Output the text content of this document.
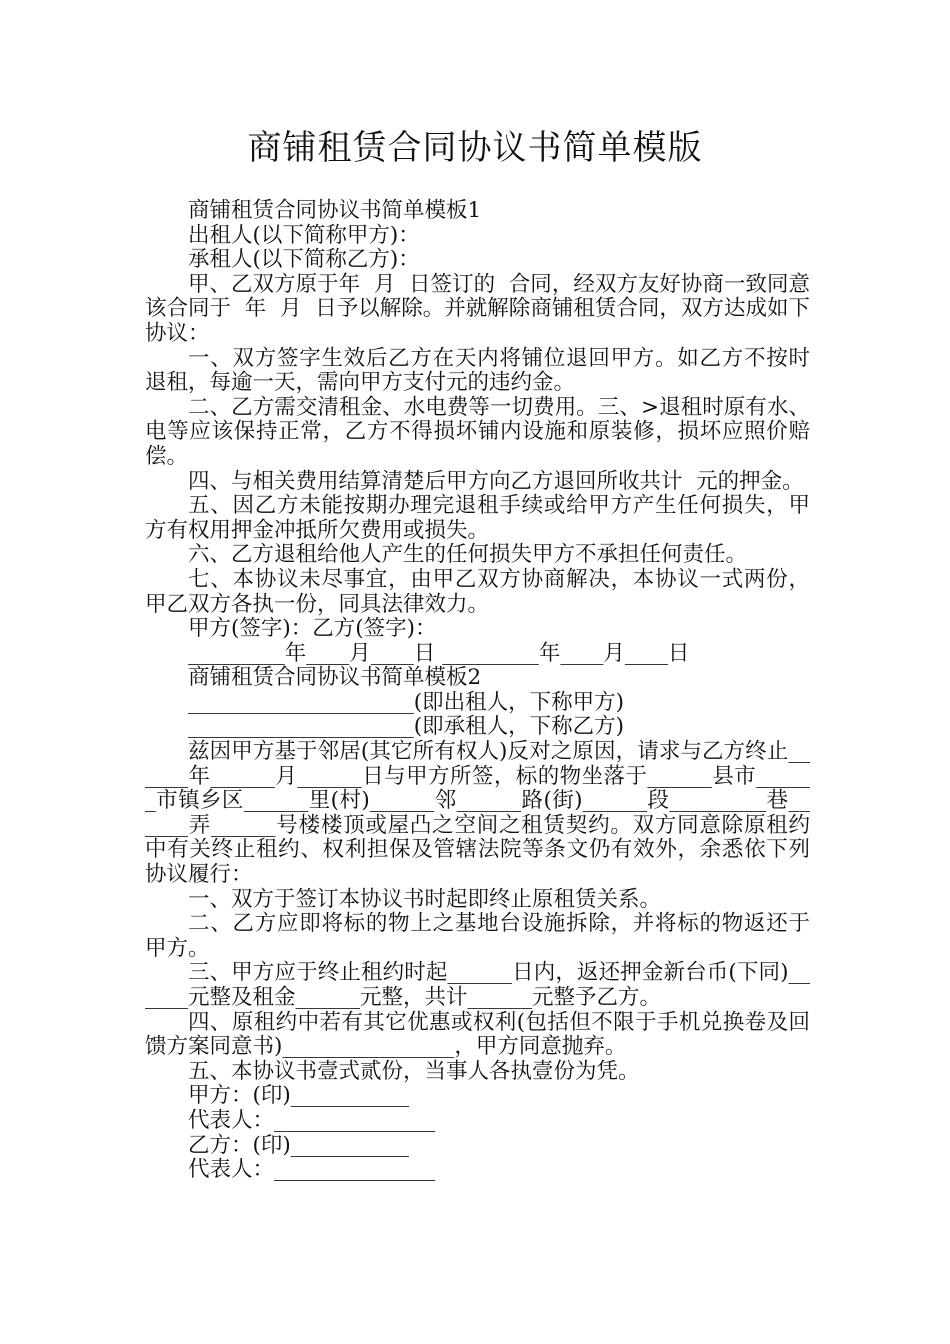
商铺租赁合同协议书简单模版

商铺租赁合同协议书简单模板1

出租人(以下简称甲方)：

承租人(以下简称乙方)：

甲、乙双方原于年  月  日签订的  合同，经双方友好协商一致同意该合同于  年  月  日予以解除。并就解除商铺租赁合同，双方达成如下协议：

一、双方签字生效后乙方在天内将铺位退回甲方。如乙方不按时退租，每逾一天，需向甲方支付元的违约金。

二、乙方需交清租金、水电费等一切费用。三、>退租时原有水、电等应该保持正常，乙方不得损坏铺内设施和原装修，损坏应照价赔偿。

四、与相关费用结算清楚后甲方向乙方退回所收共计  元的押金。

五、因乙方未能按期办理完退租手续或给甲方产生任何损失，甲方有权用押金冲抵所欠费用或损失。

六、乙方退租给他人产生的任何损失甲方不承担任何责任。

七、本协议未尽事宜，由甲乙双方协商解决，本协议一式两份，甲乙双方各执一份，同具法律效力。

甲方(签字)：乙方(签字)：

_________年____月____日 _________年____月____日

商铺租赁合同协议书简单模板2

_____________________(即出租人，下称甲方)

_____________________(即承租人，下称乙方)

兹因甲方基于邻居(其它所有权人)反对之原因，请求与乙方终止______年______月______日与甲方所签，标的物坐落于______县市______市镇乡区______里(村)______邻______路(街)______段_________巷______弄______号楼楼顶或屋凸之空间之租赁契约。双方同意除原租约中有关终止租约、权利担保及管辖法院等条文仍有效外，余悉依下列协议履行：

一、双方于签订本协议书时起即终止原租赁关系。

二、乙方应即将标的物上之基地台设施拆除，并将标的物返还于甲方。

三、甲方应于终止租约时起______日内，返还押金新台币(下同)______元整及租金______元整，共计______元整予乙方。

四、原租约中若有其它优惠或权利(包括但不限于手机兑换卷及回馈方案同意书)________________，甲方同意抛弃。

五、本协议书壹式贰份，当事人各执壹份为凭。

甲方：(印)___________

代表人：_______________

乙方：(印)___________

代表人：_______________
